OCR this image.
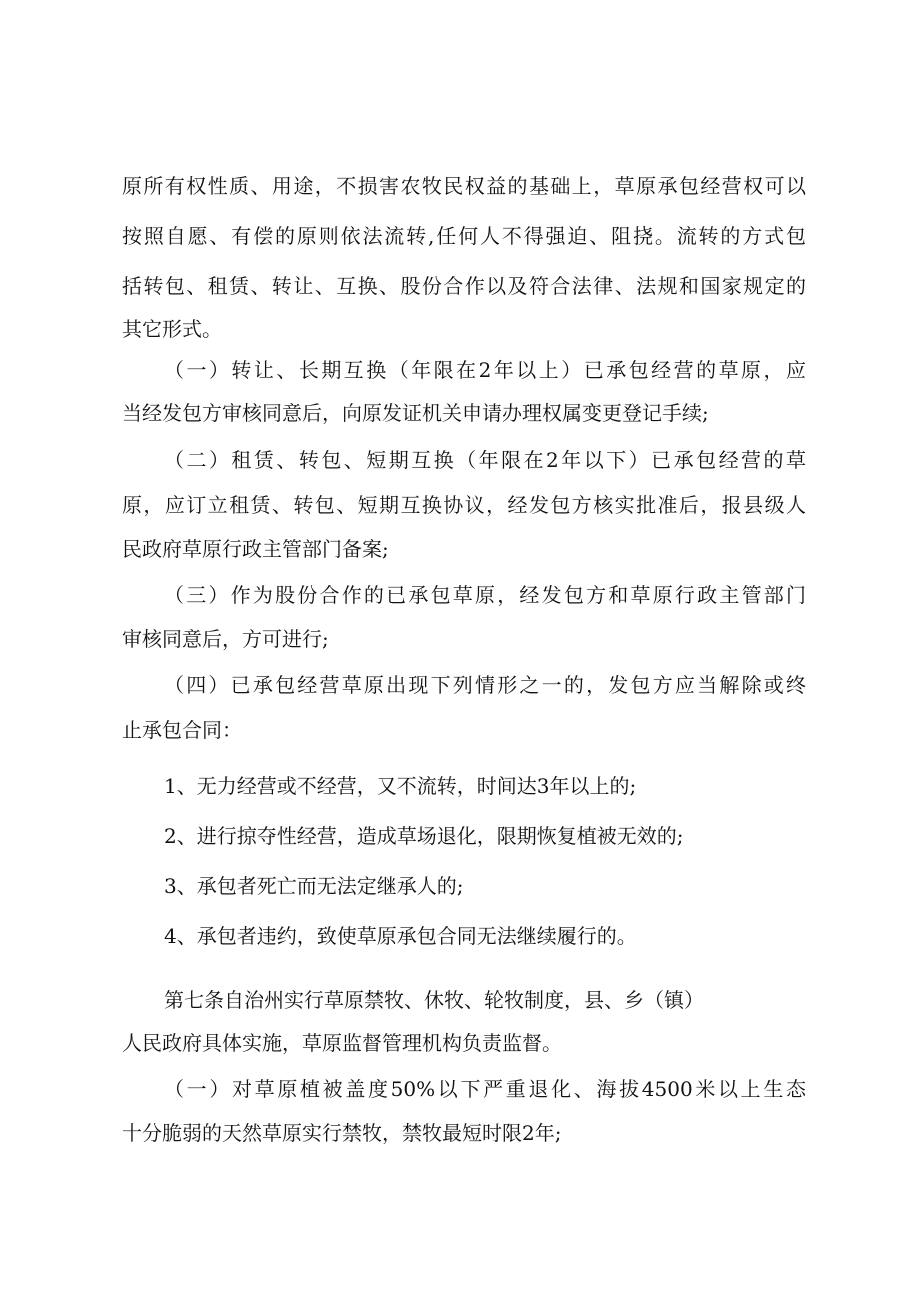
原所有权性质、用途，不损害农牧民权益的基础上，草原承包经营权可以

按照自愿、有偿的原则依法流转,任何人不得强迫、阻挠。流转的方式包

括转包、租赁、转让、互换、股份合作以及符合法律、法规和国家规定的

其它形式。

（一）转让、长期互换（年限在2年以上）已承包经营的草原，应

当经发包方审核同意后，向原发证机关申请办理权属变更登记手续;

（二）租赁、转包、短期互换（年限在2年以下）已承包经营的草

原，应订立租赁、转包、短期互换协议，经发包方核实批准后，报县级人

民政府草原行政主管部门备案;

（三）作为股份合作的已承包草原，经发包方和草原行政主管部门

审核同意后，方可进行;

（四）已承包经营草原出现下列情形之一的，发包方应当解除或终

止承包合同：

1、无力经营或不经营，又不流转，时间达3年以上的;

2、进行掠夺性经营，造成草场退化，限期恢复植被无效的;

3、承包者死亡而无法定继承人的;

4、承包者违约，致使草原承包合同无法继续履行的。

第七条自治州实行草原禁牧、休牧、轮牧制度，县、乡（镇）

人民政府具体实施，草原监督管理机构负责监督。

（一）对草原植被盖度50%以下严重退化、海拔4500米以上生态

十分脆弱的天然草原实行禁牧，禁牧最短时限2年;
